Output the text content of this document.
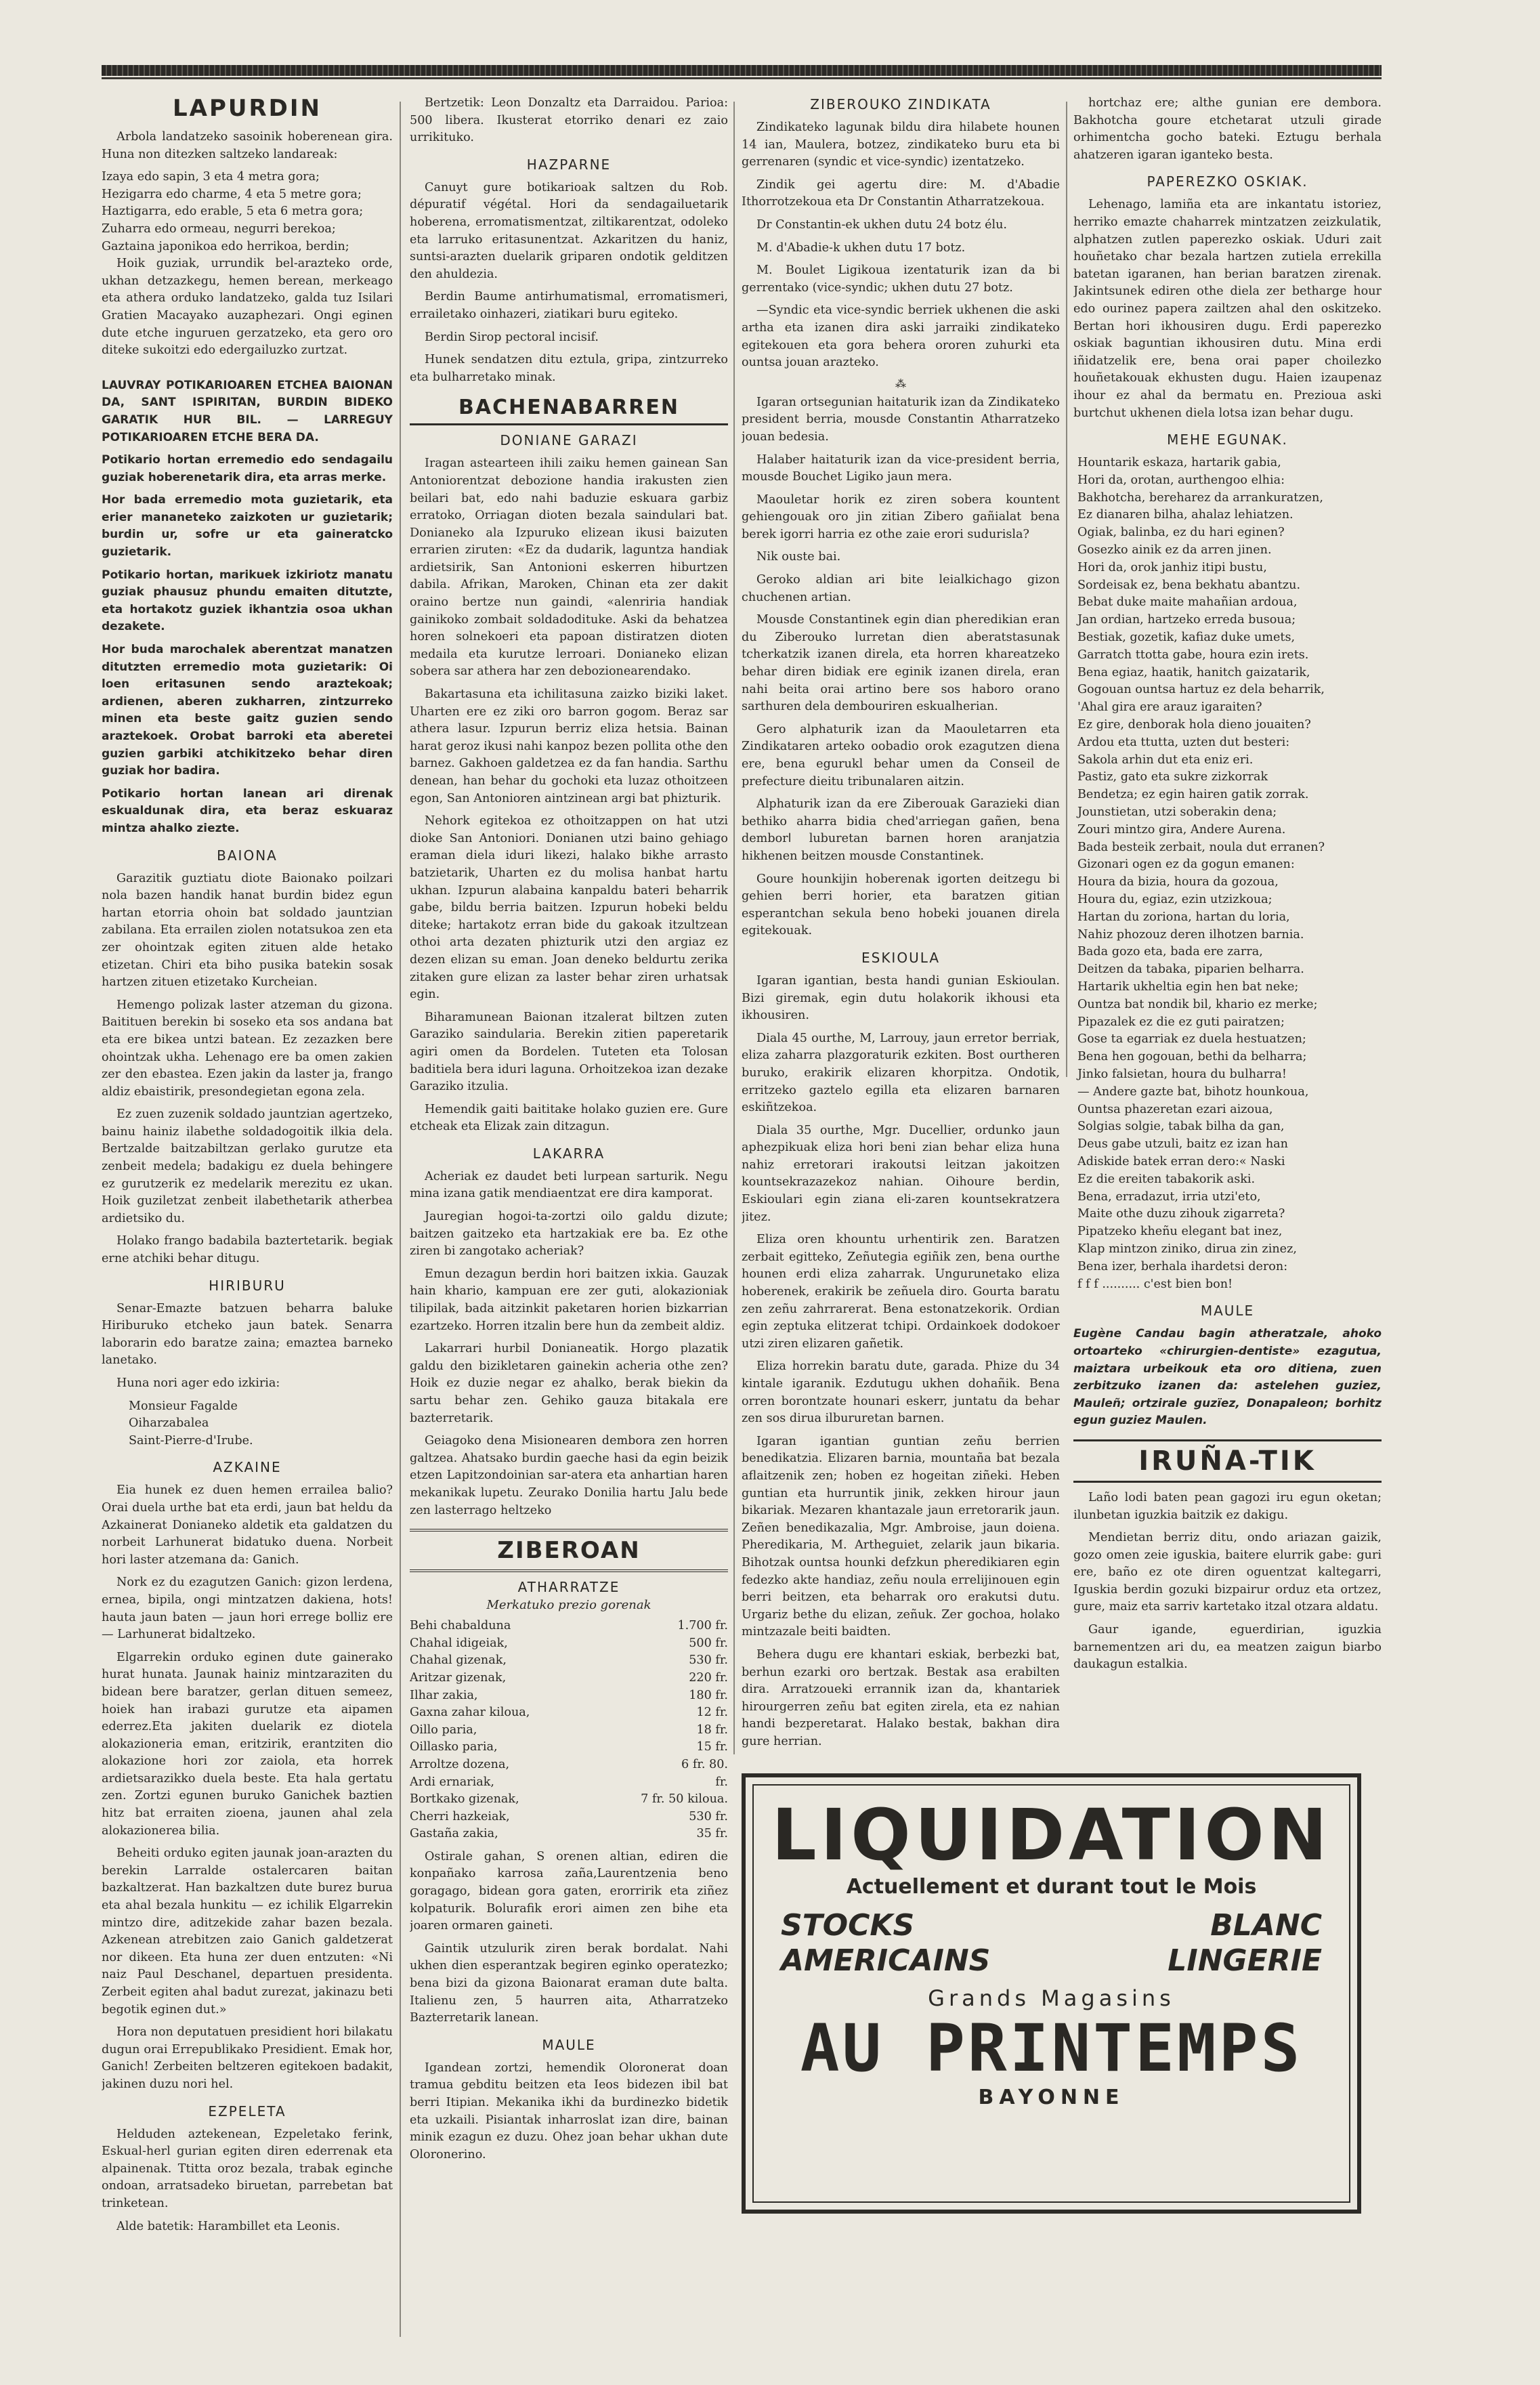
LAPURDIN

Arbola landatzeko sasoinik hoberenean gira. Huna non ditezken saltzeko landareak:

Izaya edo sapin, 3 eta 4 metra gora;
Hezigarra edo charme, 4 eta 5 metre gora;
Haztigarra, edo erable, 5 eta 6 metra gora;
Zuharra edo ormeau, negurri berekoa;
Gaztaina japonikoa edo herrikoa, berdin;

Hoik guziak, urrundik bel-arazteko orde, ukhan detzazkegu, hemen berean, merkeago eta athera orduko landatzeko, galda tuz Isilari Gratien Macayako auzaphezari. Ongi eginen dute etche inguruen gerzatzeko, eta gero oro diteke sukoitzi edo edergailuzko zurtzat.

LAUVRAY POTIKARIOAREN ETCHEA BAIONAN DA, SANT ISPIRITAN, BURDIN BIDEKO GARATIK HUR BIL. — LARREGUY POTIKARIOAREN ETCHE BERA DA.

Potikario hortan erremedio edo sendagailu guziak hoberenetarik dira, eta arras merke.

Hor bada erremedio mota guzietarik, eta erier mananeteko zaizkoten ur guzietarik; burdin ur, sofre ur eta gaineratcko guzietarik.

Potikario hortan, marikuek izkiriotz manatu guziak phausuz phundu emaiten ditutzte, eta hortakotz guziek ikhantzia osoa ukhan dezakete.

Hor buda marochalek aberentzat manatzen ditutzten erremedio mota guzietarik: Oi loen eritasunen sendo araztekoak; ardienen, aberen zukharren, zintzurreko minen eta beste gaitz guzien sendo araztekoek. Orobat barroki eta aberetei guzien garbiki atchikitzeko behar diren guziak hor badira.

Potikario hortan lanean ari direnak eskualdunak dira, eta beraz eskuaraz mintza ahalko ziezte.

BAIONA

Garazitik guztiatu diote Baionako poilzari nola bazen handik hanat burdin bidez egun hartan etorria ohoin bat soldado jauntzian zabilana. Eta errailen ziolen notatsukoa zen eta zer ohointzak egiten zituen alde hetako etizetan. Chiri eta biho pusika batekin sosak hartzen zituen etizetako Kurcheian.

Hemengo polizak laster atzeman du gizona. Baitituen berekin bi soseko eta sos andana bat eta ere bikea untzi batean. Ez zezazken bere ohointzak ukha. Lehenago ere ba omen zakien zer den ebastea. Ezen jakin da laster ja, frango aldiz ebaistirik, presondegietan egona zela.

Ez zuen zuzenik soldado jauntzian agertzeko, bainu hainiz ilabethe soldadogoitik ilkia dela. Bertzalde baitzabiltzan gerlako gurutze eta zenbeit medela; badakigu ez duela behingere ez gurutzerik ez medelarik merezitu ez ukan. Hoik guziletzat zenbeit ilabethetarik atherbea ardietsiko du.

Holako frango badabila baztertetarik. begiak erne atchiki behar ditugu.

HIRIBURU

Senar-Emazte batzuen beharra baluke Hiriburuko etcheko jaun batek. Senarra laborarin edo baratze zaina; emaztea barneko lanetako.

Huna nori ager edo izkiria:

Monsieur Fagalde
Oiharzabalea
Saint-Pierre-d'Irube.
AZKAINE

Eia hunek ez duen hemen errailea balio? Orai duela urthe bat eta erdi, jaun bat heldu da Azkainerat Donianeko aldetik eta galdatzen du norbeit Larhunerat bidatuko duena. Norbeit hori laster atzemana da: Ganich.

Nork ez du ezagutzen Ganich: gizon lerdena, ernea, bipila, ongi mintzatzen dakiena, hots! hauta jaun baten — jaun hori errege bolliz ere — Larhunerat bidaltzeko.

Elgarrekin orduko eginen dute gainerako hurat hunata. Jaunak hainiz mintzaraziten du bidean bere baratzer, gerlan dituen semeez, hoiek han irabazi gurutze eta aipamen ederrez.Eta jakiten duelarik ez diotela alokazioneria eman, eritzirik, erantziten dio alokazione hori zor zaiola, eta horrek ardietsarazikko duela beste. Eta hala gertatu zen. Zortzi egunen buruko Ganichek baztien hitz bat erraiten zioena, jaunen ahal zela alokazionerea bilia.

Beheiti orduko egiten jaunak joan-arazten du berekin Larralde ostalercaren baitan bazkaltzerat. Han bazkaltzen dute burez burua eta ahal bezala hunkitu — ez ichilik Elgarrekin mintzo dire, aditzekide zahar bazen bezala. Azkenean atrebitzen zaio Ganich galdetzerat nor dikeen. Eta huna zer duen entzuten: «Ni naiz Paul Deschanel, departuen presidenta. Zerbeit egiten ahal badut zurezat, jakinazu beti begotik eginen dut.»

Hora non deputatuen presidient hori bilakatu dugun orai Errepublikako Presidient. Emak hor, Ganich! Zerbeiten beltzeren egitekoen badakit, jakinen duzu nori hel.

EZPELETA

Helduden aztekenean, Ezpeletako ferink, Eskual-herl gurian egiten diren ederrenak eta alpainenak. Ttitta oroz bezala, trabak eginche ondoan, arratsadeko biruetan, parrebetan bat trinketean.

Alde batetik: Harambillet eta Leonis.

Bertzetik: Leon Donzaltz eta Darraidou. Parioa: 500 libera. Ikusterat etorriko denari ez zaio urrikituko.

HAZPARNE

Canuyt gure botikarioak saltzen du Rob. dépuratif végétal. Hori da sendagailuetarik hoberena, erromatismentzat, ziltikarentzat, odoleko eta larruko eritasunentzat. Azkaritzen du haniz, suntsi-arazten duelarik griparen ondotik gelditzen den ahuldezia.

Berdin Baume antirhumatismal, erromatismeri, errailetako oinhazeri, ziatikari buru egiteko.

Berdin Sirop pectoral incisif.

Hunek sendatzen ditu eztula, gripa, zintzurreko eta bulharretako minak.

BACHENABARREN
DONIANE GARAZI

Iragan astearteen ihili zaiku hemen gainean San Antoniorentzat debozione handia irakusten zien beilari bat, edo nahi baduzie eskuara garbiz erratoko, Orriagan dioten bezala saindulari bat. Donianeko ala Izpuruko elizean ikusi baizuten errarien ziruten: «Ez da dudarik, laguntza handiak ardietsirik, San Antonioni eskerren hiburtzen dabila. Afrikan, Maroken, Chinan eta zer dakit oraino bertze nun gaindi, «alenriria handiak gainikoko zombait soldadodituke. Aski da behatzea horen solnekoeri eta papoan distiratzen dioten medaila eta kurutze lerroari. Donianeko elizan sobera sar athera har zen debozionearendako.

Bakartasuna eta ichilitasuna zaizko biziki laket. Uharten ere ez ziki oro barron gogom. Beraz sar athera lasur. Izpurun berriz eliza hetsia. Bainan harat geroz ikusi nahi kanpoz bezen pollita othe den barnez. Gakhoen galdetzea ez da fan handia. Sarthu denean, han behar du gochoki eta luzaz othoitzeen egon, San Antonioren aintzinean argi bat phizturik.

Nehork egitekoa ez othoitzappen on hat utzi dioke San Antoniori. Donianen utzi baino gehiago eraman diela iduri likezi, halako bikhe arrasto batzietarik, Uharten ez du molisa hanbat hartu ukhan. Izpurun alabaina kanpaldu bateri beharrik gabe, bildu berria baitzen. Izpurun hobeki beldu diteke; hartakotz erran bide du gakoak itzultzean othoi arta dezaten phizturik utzi den argiaz ez dezen elizan su eman. Joan deneko beldurtu zerika zitaken gure elizan za laster behar ziren urhatsak egin.

Biharamunean Baionan itzalerat biltzen zuten Garaziko saindularia. Berekin zitien paperetarik agiri omen da Bordelen. Tuteten eta Tolosan baditiela bera iduri laguna. Orhoitzekoa izan dezake Garaziko itzulia.

Hemendik gaiti baititake holako guzien ere. Gure etcheak eta Elizak zain ditzagun.

LAKARRA

Acheriak ez daudet beti lurpean sarturik. Negu mina izana gatik mendiaentzat ere dira kamporat.

Jauregian hogoi-ta-zortzi oilo galdu dizute; baitzen gaitzeko eta hartzakiak ere ba. Ez othe ziren bi zangotako acheriak?

Emun dezagun berdin hori baitzen ixkia. Gauzak hain khario, kampuan ere zer guti, alokazioniak tilipilak, bada aitzinkit paketaren horien bizkarrian ezartzeko. Horren itzalin bere hun da zembeit aldiz.

Lakarrari hurbil Donianeatik. Horgo plazatik galdu den bizikletaren gainekin acheria othe zen? Hoik ez duzie negar ez ahalko, berak biekin da sartu behar zen. Gehiko gauza bitakala ere bazterretarik.

Geiagoko dena Misionearen dembora zen horren galtzea. Ahatsako burdin gaeche hasi da egin beizik etzen Lapitzondoinian sar-atera eta anhartian haren mekanikak lupetu. Zeurako Donilia hartu Jalu bede zen lasterrago heltzeko

ZIBEROAN
ATHARRATZE
Merkatuko prezio gorenak
Behi chabalduna	1.700 fr.
Chahal idigeiak,	500 fr.
Chahal gizenak,	530 fr.
Aritzar gizenak,	220 fr.
Ilhar zakia,	180 fr.
Gaxna zahar kiloua,	12 fr.
Oillo paria,	18 fr.
Oillasko paria,	15 fr.
Arroltze dozena,	6 fr. 80.
Ardi ernariak,	fr.
Bortkako gizenak,	7 fr. 50 kiloua.
Cherri hazkeiak,	530 fr.
Gastaña zakia,	35 fr.

Ostirale gahan, S orenen altian, ediren die konpañako karrosa zaña,Laurentzenia beno goragago, bidean gora gaten, erorririk eta ziñez kolpaturik. Bolurafik erori aimen zen bihe eta joaren ormaren gaineti.

Gaintik utzulurik ziren berak bordalat. Nahi ukhen dien esperantzak begiren eginko operatezko; bena bizi da gizona Baionarat eraman dute balta. Italienu zen, 5 haurren aita, Atharratzeko Bazterretarik lanean.

MAULE

Igandean zortzi, hemendik Oloronerat doan tramua gebditu beitzen eta Ieos bidezen ibil bat berri Itipian. Mekanika ikhi da burdinezko bidetik eta uzkaili. Pisiantak inharroslat izan dire, bainan minik ezagun ez duzu. Ohez joan behar ukhan dute Oloronerino.

ZIBEROUKO ZINDIKATA

Zindikateko lagunak bildu dira hilabete hounen 14 ian, Maulera, botzez, zindikateko buru eta bi gerrenaren (syndic et vice-syndic) izentatzeko.

Zindik gei agertu dire: M. d'Abadie Ithorrotzekoua eta Dr Constantin Atharratzekoua.

Dr Constantin-ek ukhen dutu 24 botz élu.

M. d'Abadie-k ukhen dutu 17 botz.

M. Boulet Ligikoua izentaturik izan da bi gerrentako (vice-syndic; ukhen dutu 27 botz.

—Syndic eta vice-syndic berriek ukhenen die aski artha eta izanen dira aski jarraiki zindikateko egitekouen eta gora behera ororen zuhurki eta ountsa jouan arazteko.

⁂

Igaran ortsegunian haitaturik izan da Zindikateko president berria, mousde Constantin Atharratzeko jouan bedesia.

Halaber haitaturik izan da vice-president berria, mousde Bouchet Ligiko jaun mera.

Maouletar horik ez ziren sobera kountent gehiengouak oro jin zitian Zibero gañialat bena berek igorri harria ez othe zaie erori sudurisla?

Nik ouste bai.

Geroko aldian ari bite leialkichago gizon chuchenen artian.

Mousde Constantinek egin dian pheredikian eran du Ziberouko lurretan dien aberatstasunak tcherkatzik izanen direla, eta horren khareatzeko behar diren bidiak ere eginik izanen direla, eran nahi beita orai artino bere sos haboro orano sarthuren dela dembouriren eskualherian.

Gero alphaturik izan da Maouletarren eta Zindikataren arteko oobadio orok ezagutzen diena ere, bena egurukl behar umen da Conseil de prefecture dieitu tribunalaren aitzin.

Alphaturik izan da ere Ziberouak Garazieki dian bethiko aharra bidia ched'arriegan gañen, bena demborا luburetan barnen horen aranjatzia hikhenen beitzen mousde Constantinek.

Goure hounkijin hoberenak igorten deitzegu bi gehien berri horier, eta baratzen gitian esperantchan sekula beno hobeki jouanen direla egitekouak.

ESKIOULA

Igaran igantian, besta handi gunian Eskioulan. Bizi giremak, egin dutu holakorik ikhousi eta ikhousiren.

Diala 45 ourthe, M, Larrouy, jaun erretor berriak, eliza zaharra plazgoraturik ezkiten. Bost ourtheren buruko, erakirik elizaren khorpitza. Ondotik, erritzeko gaztelo egilla eta elizaren barnaren eskiñtzekoa.

Diala 35 ourthe, Mgr. Ducellier, ordunko jaun aphezpikuak eliza hori beni zian behar eliza huna nahiz erretorari irakoutsi leitzan jakoitzen kountsekrazazekoz nahian. Oihoure berdin, Eskioulari egin ziana eli-zaren kountsekratzera jitez.

Eliza oren khountu urhentirik zen. Baratzen zerbait egitteko, Zeñutegia egiñik zen, bena ourthe hounen erdi eliza zaharrak. Ungurunetako eliza hoberenek, erakirik be zeñuela diro. Gourta baratu zen zeñu zahrrarerat. Bena estonatzekorik. Ordian egin zeptuka elitzerat tchipi. Ordainkoek dodokoer utzi ziren elizaren gañetik.

Eliza horrekin baratu dute, garada. Phize du 34 kintale igaranik. Ezdutugu ukhen dohañik. Bena orren borontzate hounari eskerr, juntatu da behar zen sos dirua ilbururetan barnen.

Igaran igantian guntian zeñu berrien benedikatzia. Elizaren barnia, mountaña bat bezala aflaitzenik zen; hoben ez hogeitan ziñeki. Heben guntian eta hurruntik jinik, zekken hirour jaun bikariak. Mezaren khantazale jaun erretorarik jaun. Zeñen benedikazalia, Mgr. Ambroise, jaun doiena. Pheredikaria, M. Artheguiet, zelarik jaun bikaria. Bihotzak ountsa hounki defzkun pheredikiaren egin fedezko akte handiaz, zeñu noula errelijinouen egin berri beitzen, eta beharrak oro erakutsi dutu. Urgariz bethe du elizan, zeñuk. Zer gochoa, holako mintzazale beiti baidten.

Behera dugu ere khantari eskiak, berbezki bat, berhun ezarki oro bertzak. Bestak asa erabilten dira. Arratzoueki errannik izan da, khantariek hirourgerren zeñu bat egiten zirela, eta ez nahian handi bezperetarat. Halako bestak, bakhan dira gure herrian.

hortchaz ere; althe gunian ere dembora. Bakhotcha goure etchetarat utzuli girade orhimentcha gocho bateki. Eztugu berhala ahatzeren igaran igantekо besta.

PAPEREZKO OSKIAK.

Lehenago, lamiña eta are inkantatu istoriez, herriko emazte chaharrek mintzatzen zeizkulatik, alphatzen zutlen paperezko oskiak. Uduri zait houñetako char bezala hartzen zutiela errekilla batetan igaranen, han berian baratzen zirenak. Jakintsunek ediren othe diela zer betharge hour edo ourinez papera zailtzen ahal den oskitzeko. Bertan hori ikhousiren dugu. Erdi paperezko oskiak baguntian ikhousiren dutu. Mina erdi iñidatzelik ere, bena orai paper choilezko houñetakouak ekhusten dugu. Haien izaupenaz ihour ez ahal da bermatu en. Preziouа aski burtchut ukhenen diela lotsa izan behar dugu.

MEHE EGUNAK.
Hountarik eskaza, hartarik gabia,
Hori da, orotan, aurthengoo elhia:
Bakhotcha, bereharez da arrankuratzen,
Ez dianaren bilha, ahalaz lehiatzen.
Ogiak, balinba, ez du hari eginen?
Gosezko ainik ez da arren jinen.
Hori da, orok janhiz itipi bustu,
Sordeisak ez, bena bekhatu abantzu.
Bebat duke maite mahañian ardoua,
Jan ordian, hartzeko erreda busoua;
Bestiak, gozetik, kafiaz duke umets,
Garratch ttotta gabe, houra ezin irets.
Bena egiaz, haatik, hanitch gaizatarik,
Gogouan ountsa hartuz ez dela beharrik,
'Ahal gira ere arauz igaraiten?
Ez gire, denborak hola dieno jouaiten?
Ardou eta ttutta, uzten dut besteri:
Sakola arhin dut eta eniz eri.
Pastiz, gato eta sukre zizkorrak
Bendetza; ez egin hairen gatik zorrak.
Jounstietan, utzi soberakin dena;
Zouri mintzo gira, Andere Aurena.
Bada besteik zerbait, noula dut erranen?
Gizonari ogen ez da gogun emanen:
Houra da bizia, houra da gozoua,
Houra du, egiaz, ezin utzizkoua;
Hartan du zoriona, hartan du loria,
Nahiz phozouz deren ilhotzen barnia.
Bada gozo eta, bada ere zarra,
Deitzen da tabaka, piparien belharra.
Hartarik ukheltia egin hen bat neke;
Ountza bat nondik bil, khario ez merke;
Pipazalek ez die ez guti pairatzen;
Gose ta egarriak ez duela hestuatzen;
Bena hen gogouan, bethi da belharra;
Jinko falsietan, houra du bulharra!
— Andere gazte bat, bihotz hounkoua,
Ountsa phazeretan ezari aizoua,
Solgias solgie, tabak bilha da gan,
Deus gabe utzuli, baitz ez izan han
Adiskide batek erran dero:« Naski
Ez die ereiten tabakorik aski.
Bena, erradazut, irria utzi'eto,
Maite othe duzu zihouk zigarreta?
Pipatzeko kheñu elegant bat inez,
Klap mintzon ziniko, dirua zin zinez,
Bena izer, berhala ihardetsi deron:
f f f .......... c'est bien bon!
MAULE

Eugène Candau bagin atheratzale, ahoko ortoarteko «chirurgien-dentiste» ezagutua, maiztara urbeikouk eta oro ditiena, zuen zerbitzuko izanen da: astelehen guziez, Mauleñ; ortzirale guzïez, Donapaleon; borhitz egun guziez Maulen.

IRUÑA-TIK

Laño lodi baten pean gagozi iru egun oketan; ilunbetan iguzkia baitzik ez dakigu.

Mendietan berriz ditu, ondo ariazan gaizik, gozo omen zeie iguskia, baitere elurrik gabe: guri ere, baño ez ote diren oguentzat kaltegarri, Iguskia berdin gozuki bizpairur orduz eta ortzez, gure, maiz eta sarriv kartetako itzal otzara aldatu.

Gaur igande, eguerdirian, iguzkia barnementzen ari du, ea meatzen zaigun biarbo daukagun estalkia.

LIQUIDATION
Actuellement et durant tout le Mois
STOCKS
AMERICAINS
BLANC
LINGERIE
Grands Magasins
AU PRINTEMPS
BAYONNE
